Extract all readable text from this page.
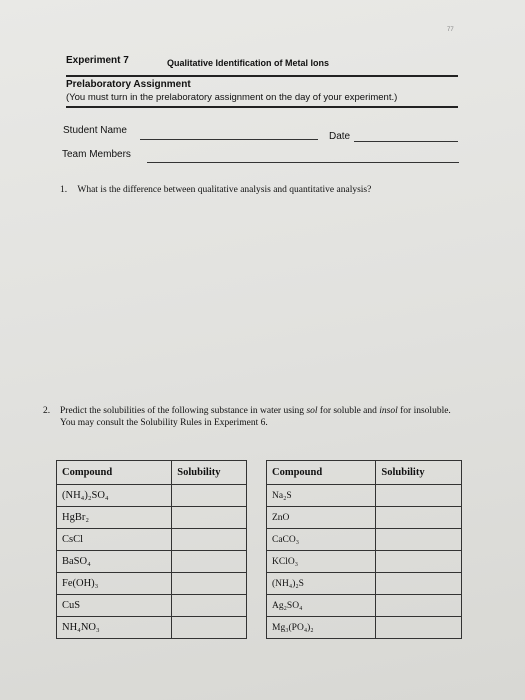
77
Experiment 7	Qualitative Identification of Metal Ions
Prelaboratory Assignment
(You must turn in the prelaboratory assignment on the day of your experiment.)
Student Name
Date
Team Members
1. What is the difference between qualitative analysis and quantitative analysis?
2. Predict the solubilities of the following substance in water using sol for soluble and insol for insoluble. You may consult the Solubility Rules in Experiment 6.
Compound	Solubility
(NH₄)₂SO₄	
HgBr₂	
CsCl	
BaSO₄	
Fe(OH)₃	
CuS	
NH₄NO₃	
Compound	Solubility
Na₂S	
ZnO	
CaCO₃	
KClO₃	
(NH₄)₂S	
Ag₂SO₄	
Mg₃(PO₄)₂	
